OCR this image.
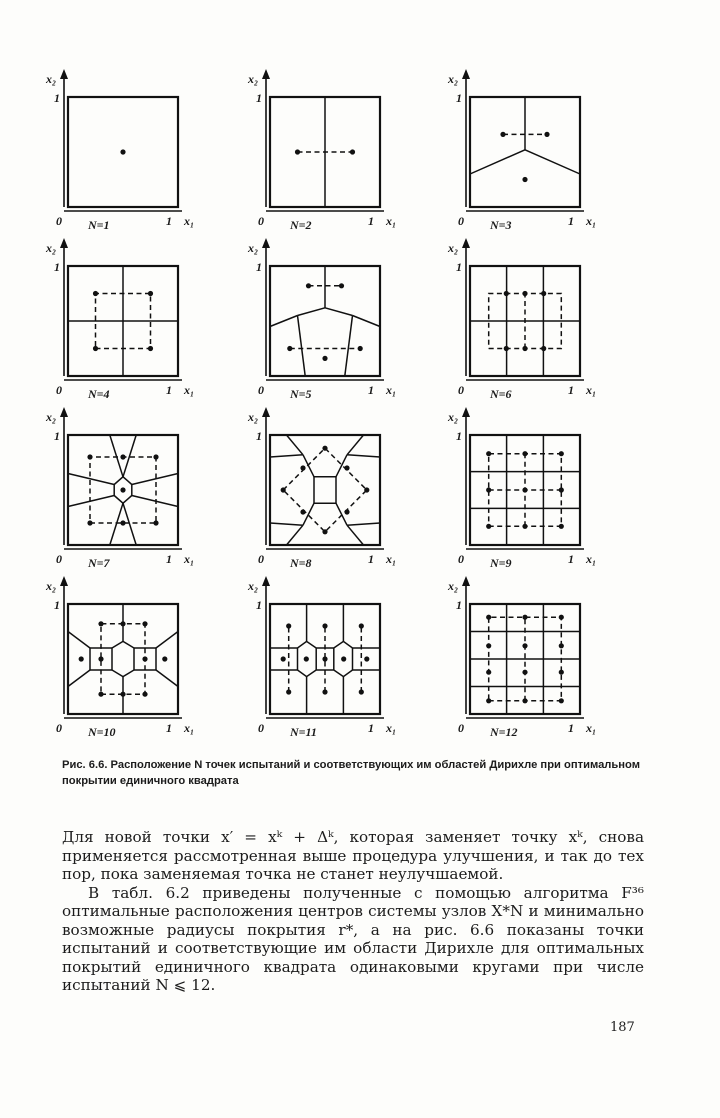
x₂
1
0	1 x₁
N=1
x₂
1
0	1 x₁
N=2
x₂
1
0	1 x₁
N=3
x₂
1
0	1 x₁
N=4
x₂
1
0	1 x₁
N=5
x₂
1
0	1 x₁
N=6
x₂
1
0	1 x₁
N=7
x₂
1
0	1 x₁
N=8
x₂
1
0	1 x₁
N=9
x₂
1
0	1 x₁
N=10
x₂
1
0	1 x₁
N=11
x₂
1
0	1 x₁
N=12
Рис. 6.6. Расположение N точек испытаний и соответствующих им областей Дирихле при оптимальном покрытии единичного квадрата

Для новой точки x′ = xᵏ + Δᵏ, которая заменяет точку xᵏ, снова применяется рассмотренная выше процедура улучшения, и так до тех пор, пока заменяемая точка не станет неулучшаемой.

В табл. 6.2 приведены полученные с помощью алгоритма F³⁶ оптимальные расположения центров системы узлов X*N и минимально возможные радиусы покрытия r*, а на рис. 6.6 показаны точки испытаний и соответствующие им области Дирихле для оптимальных покрытий единичного квадрата одинаковыми кругами при числе испытаний N ⩽ 12.

187
